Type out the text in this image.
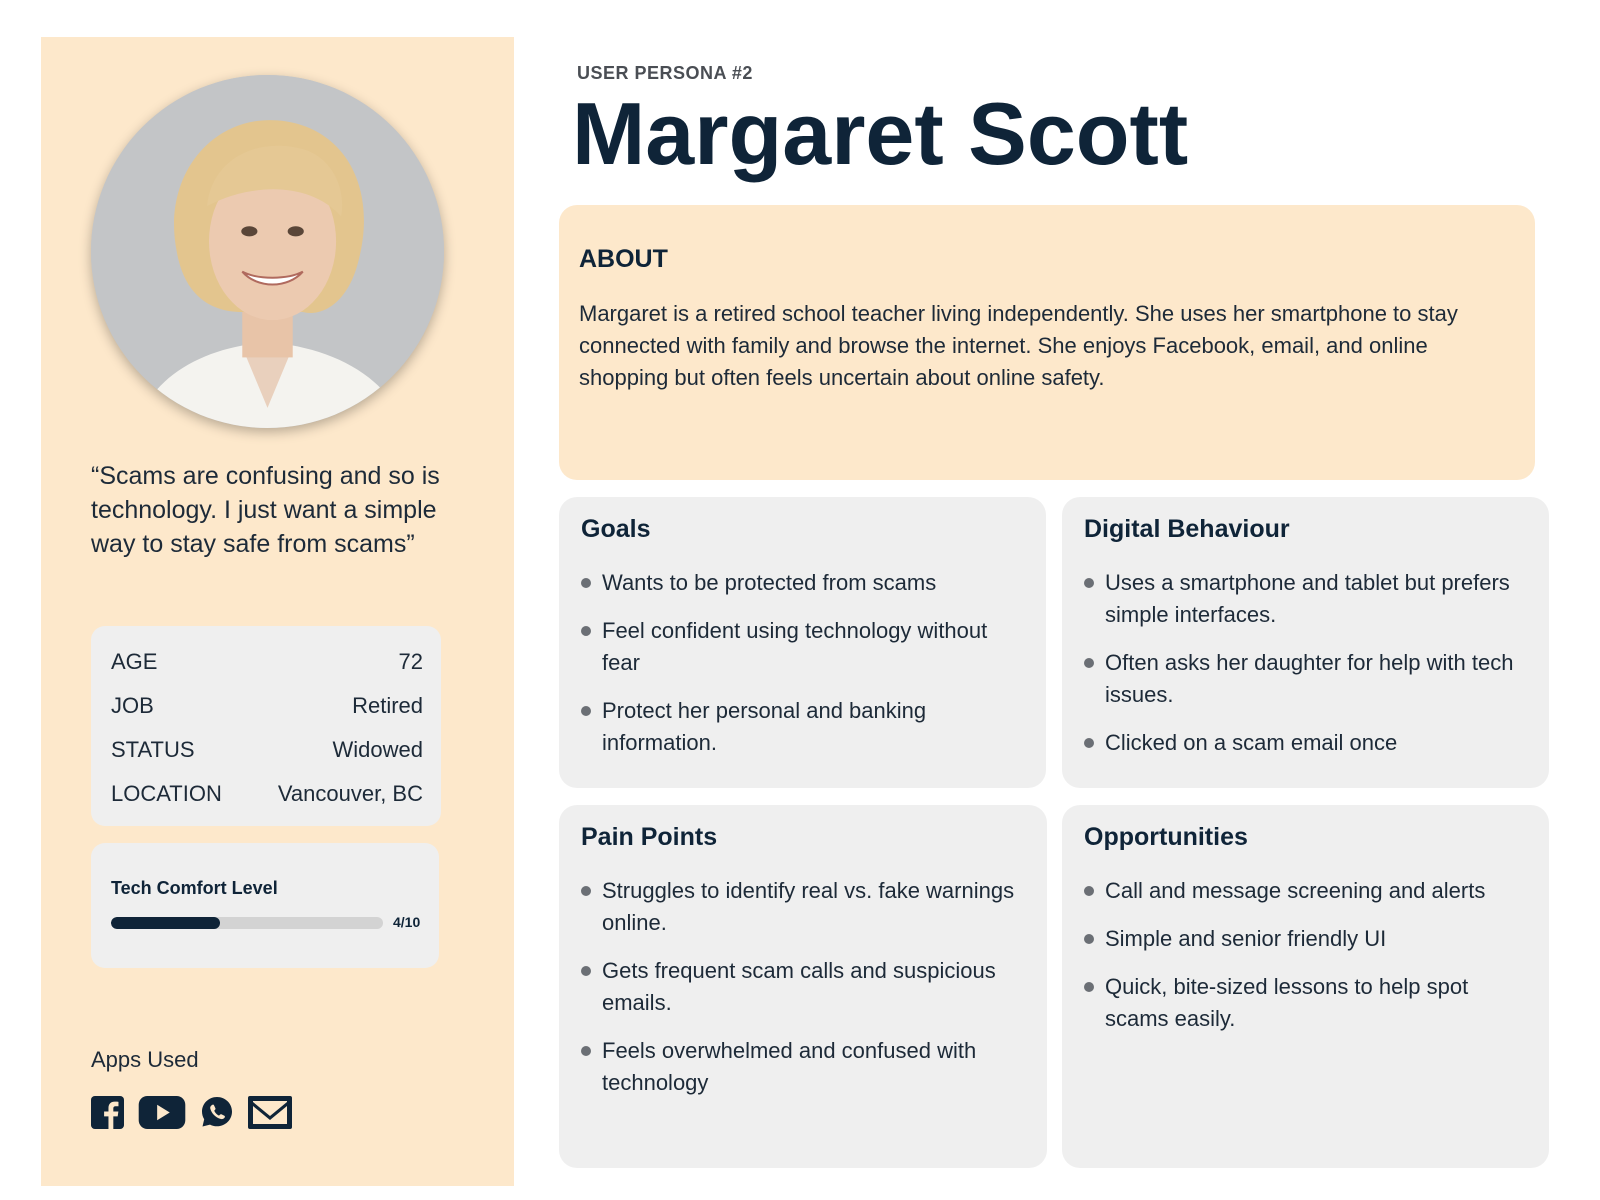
“Scams are confusing and so is technology. I just want a simple way to stay safe from scams”
AGE	72
JOB	Retired
STATUS	Widowed
LOCATION	Vancouver, BC
Tech Comfort Level
4/10
Apps Used
USER PERSONA #2
Margaret Scott
ABOUT
Margaret is a retired school teacher living independently. She uses her smartphone to stay connected with family and browse the internet. She enjoys Facebook, email, and online shopping but often feels uncertain about online safety.
Goals
Wants to be protected from scams
Feel confident using technology without fear
Protect her personal and banking information.
Digital Behaviour
Uses a smartphone and tablet but prefers simple interfaces.
Often asks her daughter for help with tech issues.
Clicked on a scam email once
Pain Points
Struggles to identify real vs. fake warnings online.
Gets frequent scam calls and suspicious emails.
Feels overwhelmed and confused with technology
Opportunities
Call and message screening and alerts
Simple and senior friendly UI
Quick, bite-sized lessons to help spot scams easily.
